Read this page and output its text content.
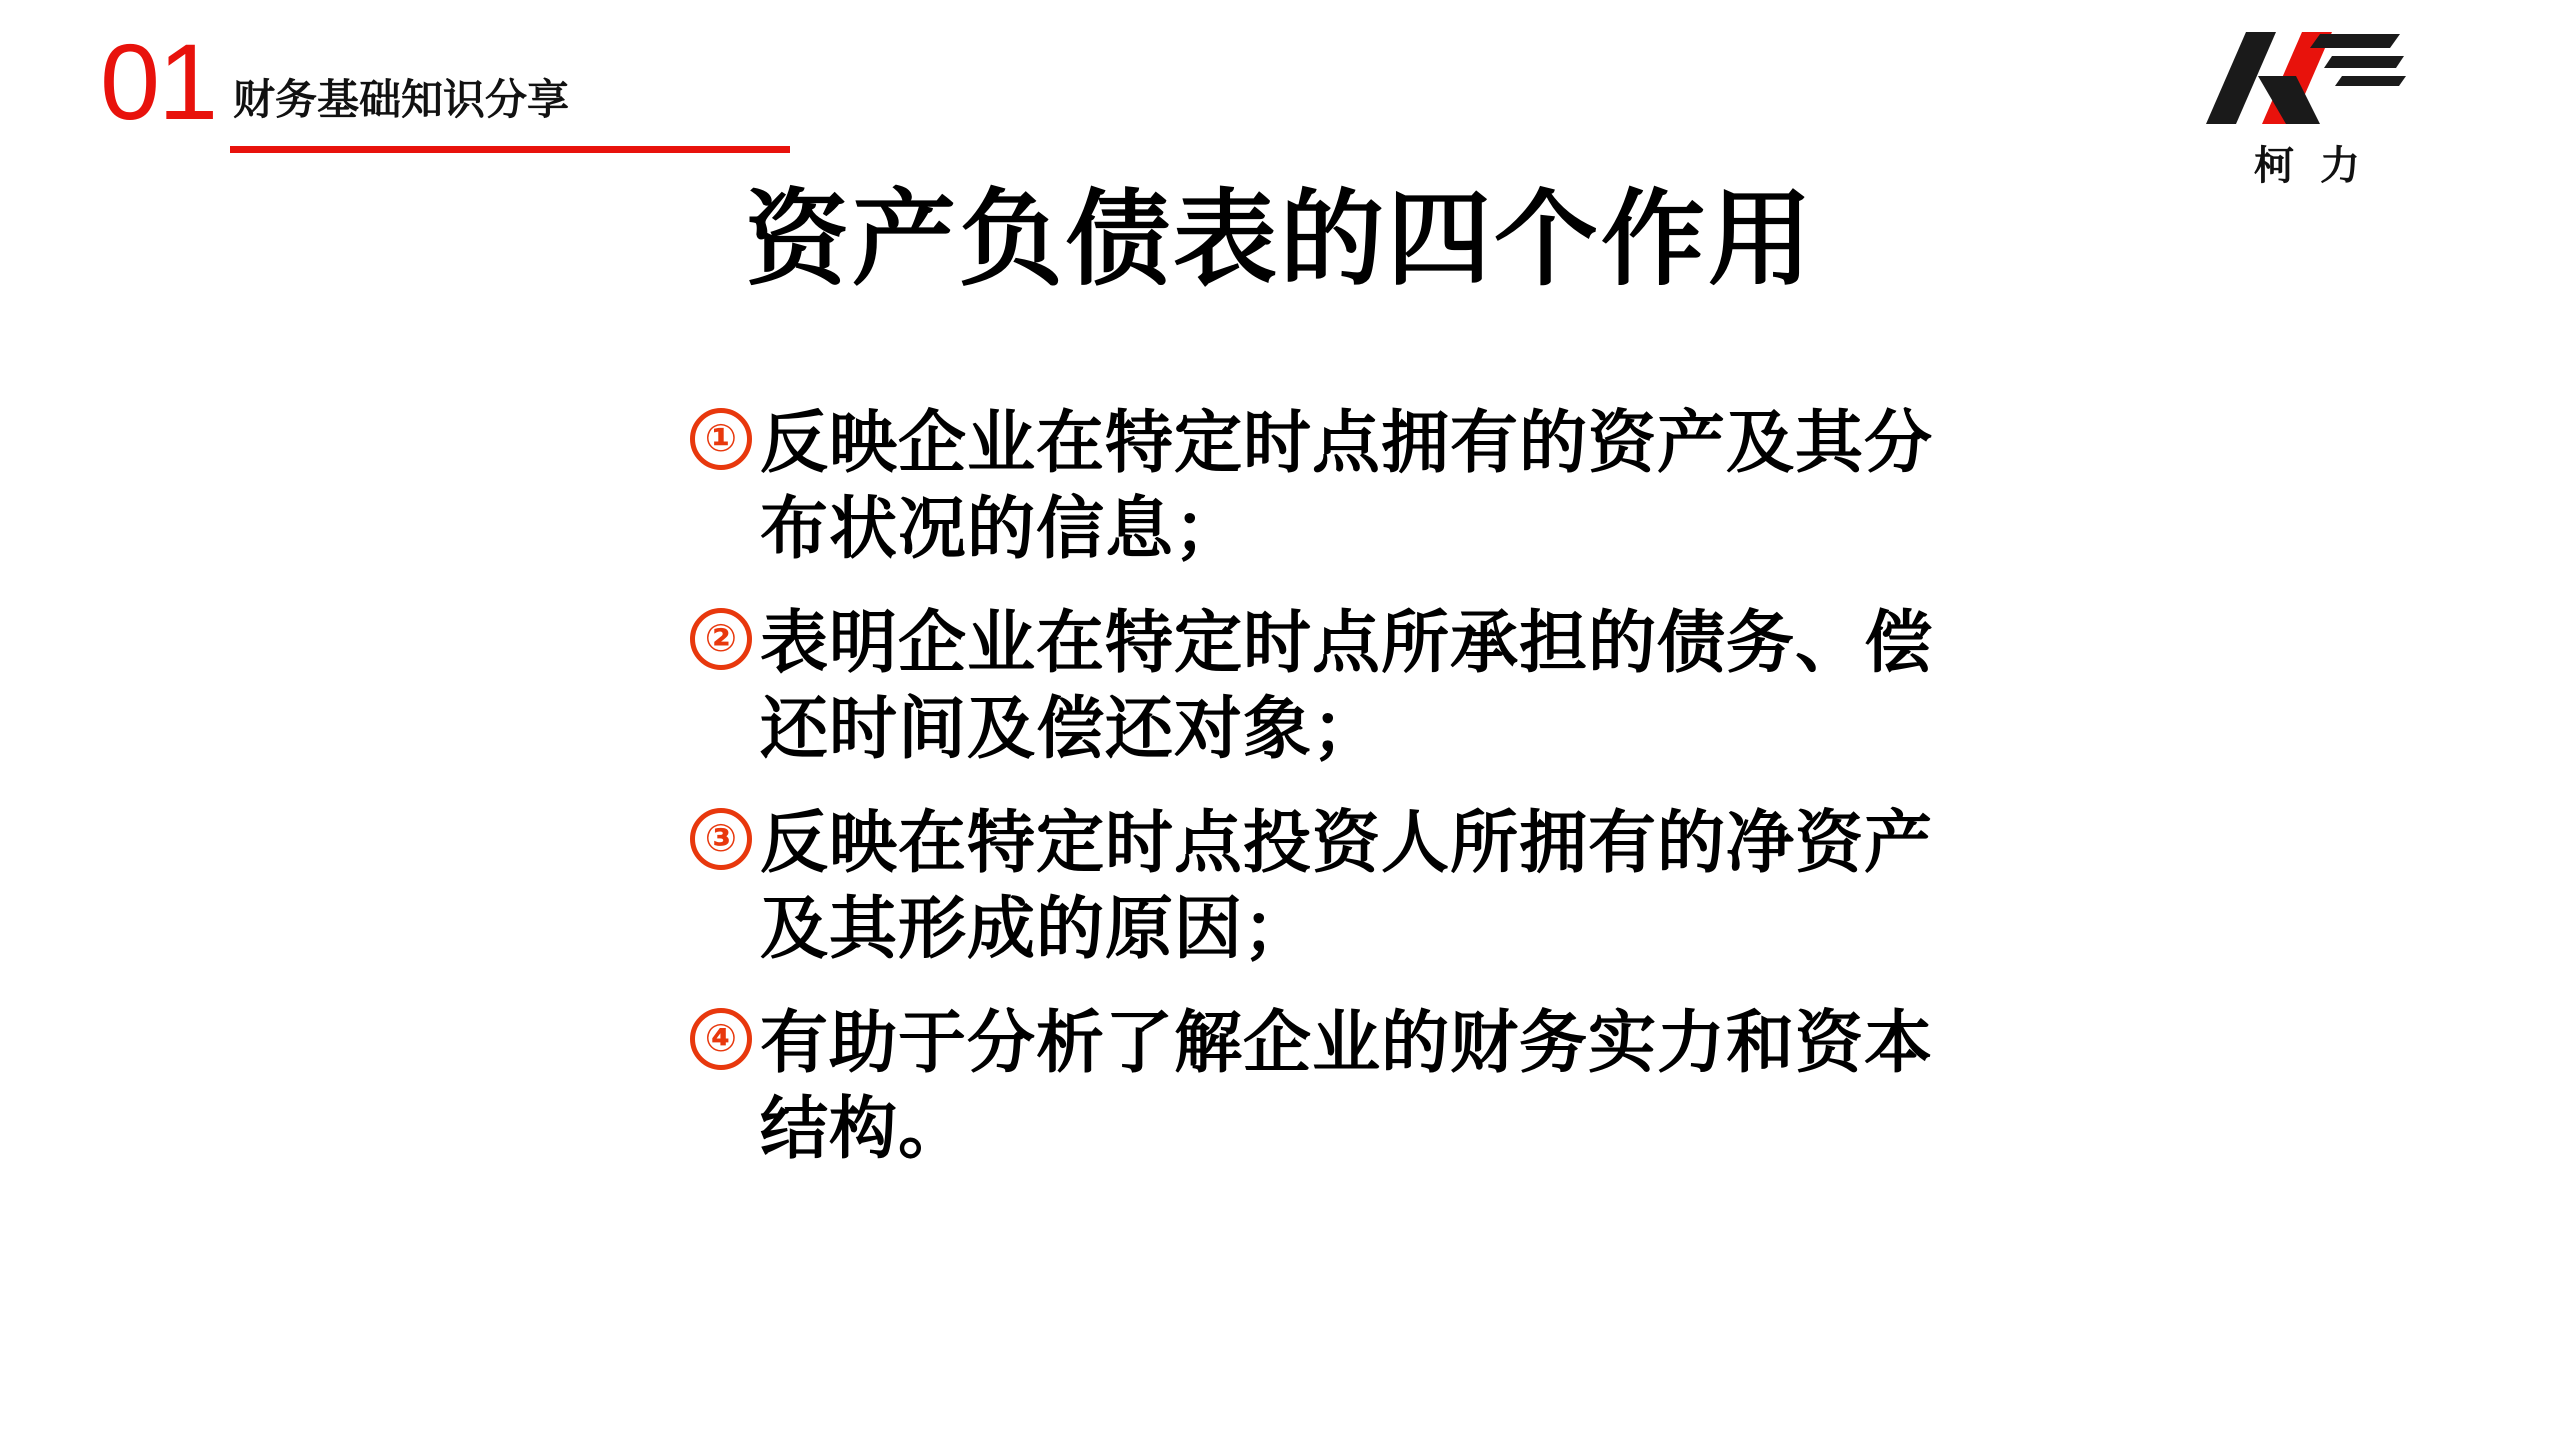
01 财务基础知识分享
柯力
资产负债表的四个作用
① 反映企业在特定时点拥有的资产及其分布状况的信息；
② 表明企业在特定时点所承担的债务、偿还时间及偿还对象；
③ 反映在特定时点投资人所拥有的净资产及其形成的原因；
④ 有助于分析了解企业的财务实力和资本结构。
